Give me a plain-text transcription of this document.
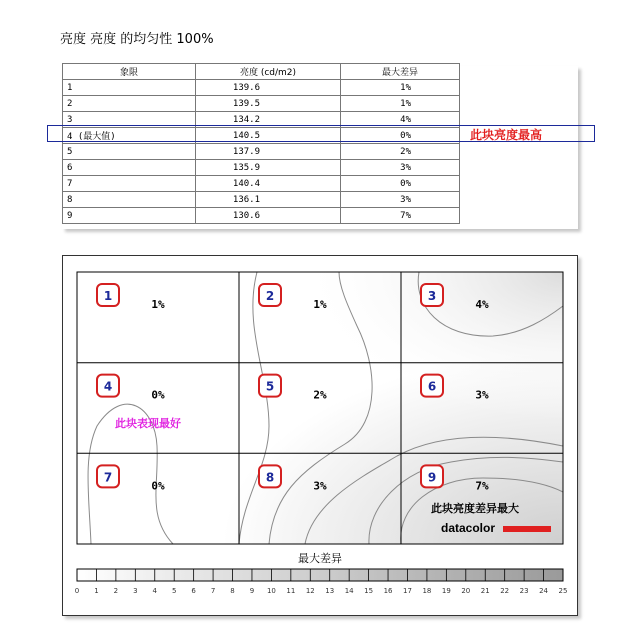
亮度 亮度 的均匀性 100%
象限	亮度 (cd/m2)	最大差异
1	139.6	1%
2	139.5	1%
3	134.2	4%
4 (最大值)	140.5	0%
5	137.9	2%
6	135.9	3%
7	140.4	0%
8	136.1	3%
9	130.6	7%
此块亮度最高
1
1%
2
1%
3
4%
4
0%
5
2%
6
3%
7
0%
8
3%
9
7%
此块表现最好
此块亮度差异最大
datacolor
最大差异
0 1 2 3 4 5 6 7 8 9 10 11 12 13 14 15 16 17 18 19 20 21 22 23 24 25
